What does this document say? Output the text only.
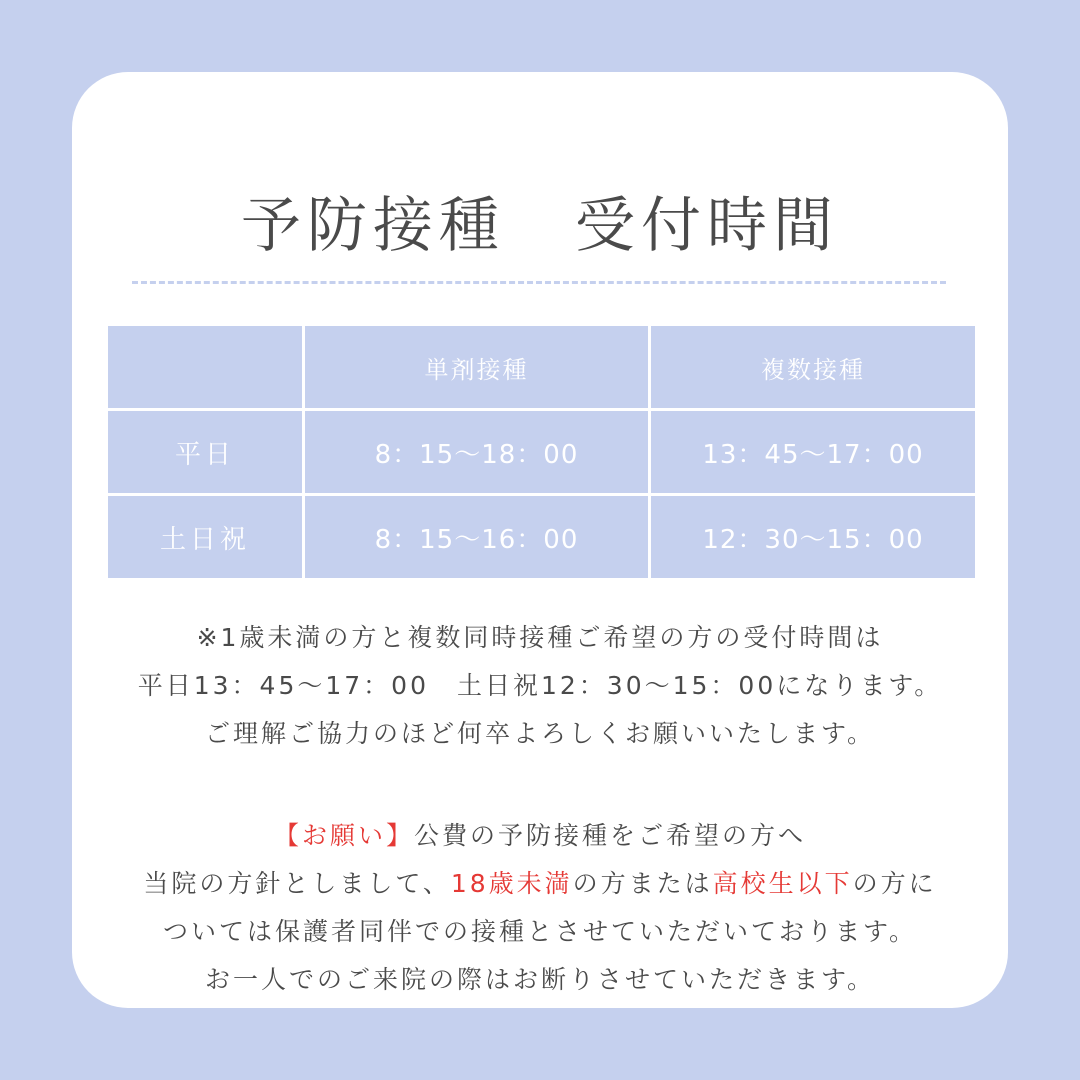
予防接種 受付時間
	単剤接種	複数接種
平日	8：15〜18：00	13：45〜17：00
土日祝	8：15〜16：00	12：30〜15：00

※1歳未満の方と複数同時接種ご希望の方の受付時間は

平日13：45〜17：00　土日祝12：30〜15：00になります。

ご理解ご協力のほど何卒よろしくお願いいたします。

【お願い】公費の予防接種をご希望の方へ

当院の方針としまして、18歳未満の方または高校生以下の方に

ついては保護者同伴での接種とさせていただいております。

お一人でのご来院の際はお断りさせていただきます。
